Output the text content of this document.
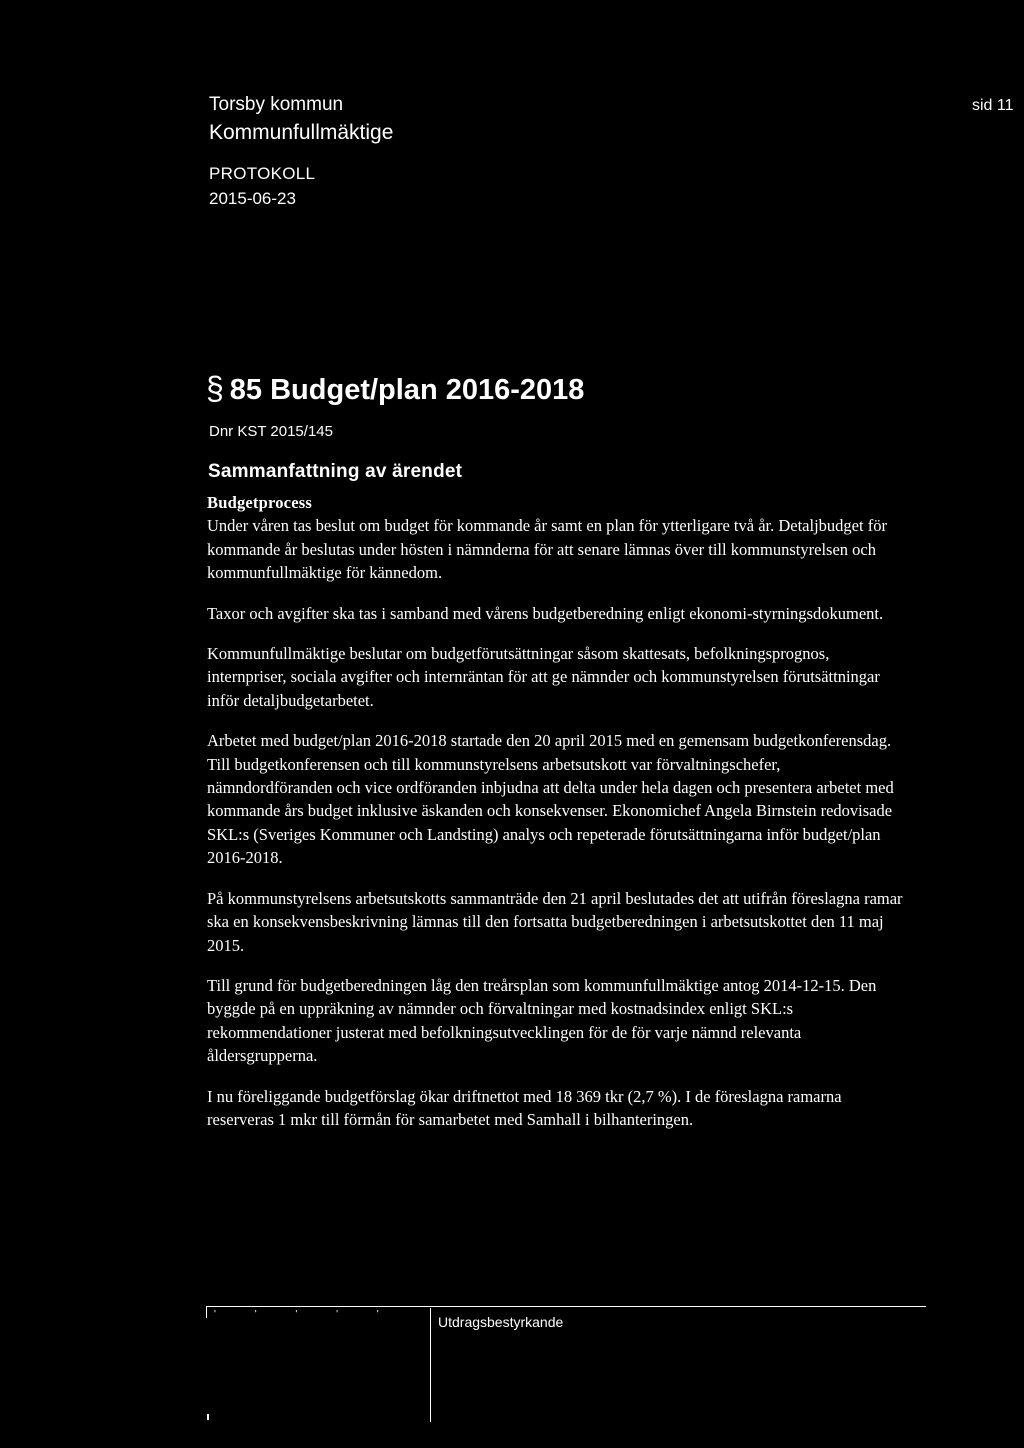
Torsby kommun
Kommunfullmäktige
sid 11
PROTOKOLL
2015-06-23
§ 85 Budget/plan 2016-2018
Dnr KST 2015/145
Sammanfattning av ärendet
Budgetprocess

Under våren tas beslut om budget för kommande år samt en plan för ytterligare två år. Detaljbudget för kommande år beslutas under hösten i nämnderna för att senare lämnas över till kommunstyrelsen och kommunfullmäktige för kännedom.

Taxor och avgifter ska tas i samband med vårens budgetberedning enligt ekonomi-styrningsdokument.

Kommunfullmäktige beslutar om budgetförutsättningar såsom skattesats, befolkningsprognos, internpriser, sociala avgifter och internräntan för att ge nämnder och kommunstyrelsen förutsättningar inför detaljbudgetarbetet.

Arbetet med budget/plan 2016-2018 startade den 20 april 2015 med en gemensam budgetkonferensdag. Till budgetkonferensen och till kommunstyrelsens arbetsutskott var förvaltningschefer, nämndordföranden och vice ordföranden inbjudna att delta under hela dagen och presentera arbetet med kommande års budget inklusive äskanden och konsekvenser. Ekonomichef Angela Birnstein redovisade SKL:s (Sveriges Kommuner och Landsting) analys och repeterade förutsättningarna inför budget/plan 2016-2018.

På kommunstyrelsens arbetsutskotts sammanträde den 21 april beslutades det att utifrån föreslagna ramar ska en konsekvensbeskrivning lämnas till den fortsatta budgetberedningen i arbetsutskottet den 11 maj 2015.

Till grund för budgetberedningen låg den treårsplan som kommunfullmäktige antog 2014-12-15. Den byggde på en uppräkning av nämnder och förvaltningar med kostnadsindex enligt SKL:s rekommendationer justerat med befolkningsutvecklingen för de för varje nämnd relevanta åldersgrupperna.

I nu föreliggande budgetförslag ökar driftnettot med 18 369 tkr (2,7 %). I de föreslagna ramarna reserveras 1 mkr till förmån för samarbetet med Samhall i bilhanteringen.

' ' ' ' '	Utdragsbestyrkande
